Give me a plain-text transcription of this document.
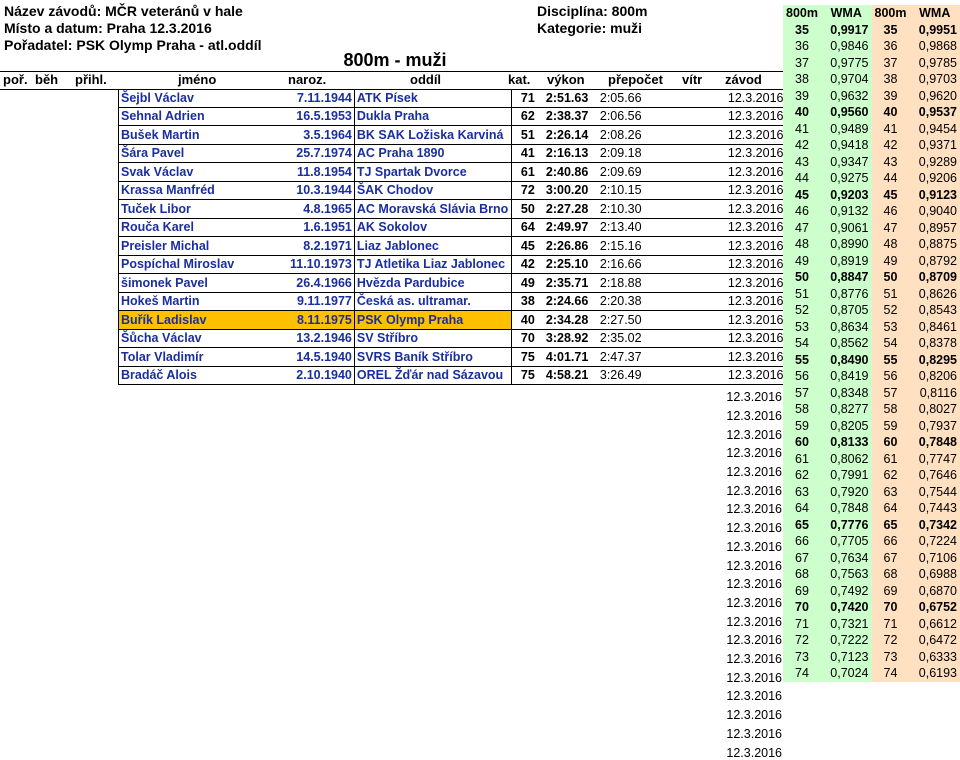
Název závodů: MČR veteránů v hale
Místo a datum: Praha 12.3.2016
Pořadatel: PSK Olymp Praha - atl.oddíl
Disciplína: 800m
Kategorie: muži
800m - muži
poř. běh přihl.	jméno	naroz.	oddíl	kat. výkon přepočet vítr závod
Šejbl Václav	7.11.1944	ATK Písek	71	2:51.63	2:05.66		12.3.2016
Sehnal Adrien	16.5.1953	Dukla Praha	62	2:38.37	2:06.56		12.3.2016
Bušek Martin	3.5.1964	BK SAK Ložiska Karviná	51	2:26.14	2:08.26		12.3.2016
Šára Pavel	25.7.1974	AC Praha 1890	41	2:16.13	2:09.18		12.3.2016
Svak Václav	11.8.1954	TJ Spartak Dvorce	61	2:40.86	2:09.69		12.3.2016
Krassa Manfréd	10.3.1944	ŠAK Chodov	72	3:00.20	2:10.15		12.3.2016
Tuček Libor	4.8.1965	AC Moravská Slávia Brno	50	2:27.28	2:10.30		12.3.2016
Rouča Karel	1.6.1951	AK Sokolov	64	2:49.97	2:13.40		12.3.2016
Preisler Michal	8.2.1971	Liaz Jablonec	45	2:26.86	2:15.16		12.3.2016
Pospíchal Miroslav	11.10.1973	TJ Atletika Liaz Jablonec	42	2:25.10	2:16.66		12.3.2016
šimonek Pavel	26.4.1966	Hvězda Pardubice	49	2:35.71	2:18.88		12.3.2016
Hokeš Martin	9.11.1977	Česká as. ultramar.	38	2:24.66	2:20.38		12.3.2016
Buřík Ladislav	8.11.1975	PSK Olymp Praha	40	2:34.28	2:27.50		12.3.2016
Šůcha Václav	13.2.1946	SV Stříbro	70	3:28.92	2:35.02		12.3.2016
Tolar Vladimír	14.5.1940	SVRS Baník Stříbro	75	4:01.71	2:47.37		12.3.2016
Bradáč Alois	2.10.1940	OREL Žďár nad Sázavou	75	4:58.21	3:26.49		12.3.2016
12.3.2016
12.3.2016
12.3.2016
12.3.2016
12.3.2016
12.3.2016
12.3.2016
12.3.2016
12.3.2016
12.3.2016
12.3.2016
12.3.2016
12.3.2016
12.3.2016
12.3.2016
12.3.2016
12.3.2016
12.3.2016
12.3.2016
12.3.2016
800m	WMA	800m	WMA
35	0,9917	35	0,9951
36	0,9846	36	0,9868
37	0,9775	37	0,9785
38	0,9704	38	0,9703
39	0,9632	39	0,9620
40	0,9560	40	0,9537
41	0,9489	41	0,9454
42	0,9418	42	0,9371
43	0,9347	43	0,9289
44	0,9275	44	0,9206
45	0,9203	45	0,9123
46	0,9132	46	0,9040
47	0,9061	47	0,8957
48	0,8990	48	0,8875
49	0,8919	49	0,8792
50	0,8847	50	0,8709
51	0,8776	51	0,8626
52	0,8705	52	0,8543
53	0,8634	53	0,8461
54	0,8562	54	0,8378
55	0,8490	55	0,8295
56	0,8419	56	0,8206
57	0,8348	57	0,8116
58	0,8277	58	0,8027
59	0,8205	59	0,7937
60	0,8133	60	0,7848
61	0,8062	61	0,7747
62	0,7991	62	0,7646
63	0,7920	63	0,7544
64	0,7848	64	0,7443
65	0,7776	65	0,7342
66	0,7705	66	0,7224
67	0,7634	67	0,7106
68	0,7563	68	0,6988
69	0,7492	69	0,6870
70	0,7420	70	0,6752
71	0,7321	71	0,6612
72	0,7222	72	0,6472
73	0,7123	73	0,6333
74	0,7024	74	0,6193
